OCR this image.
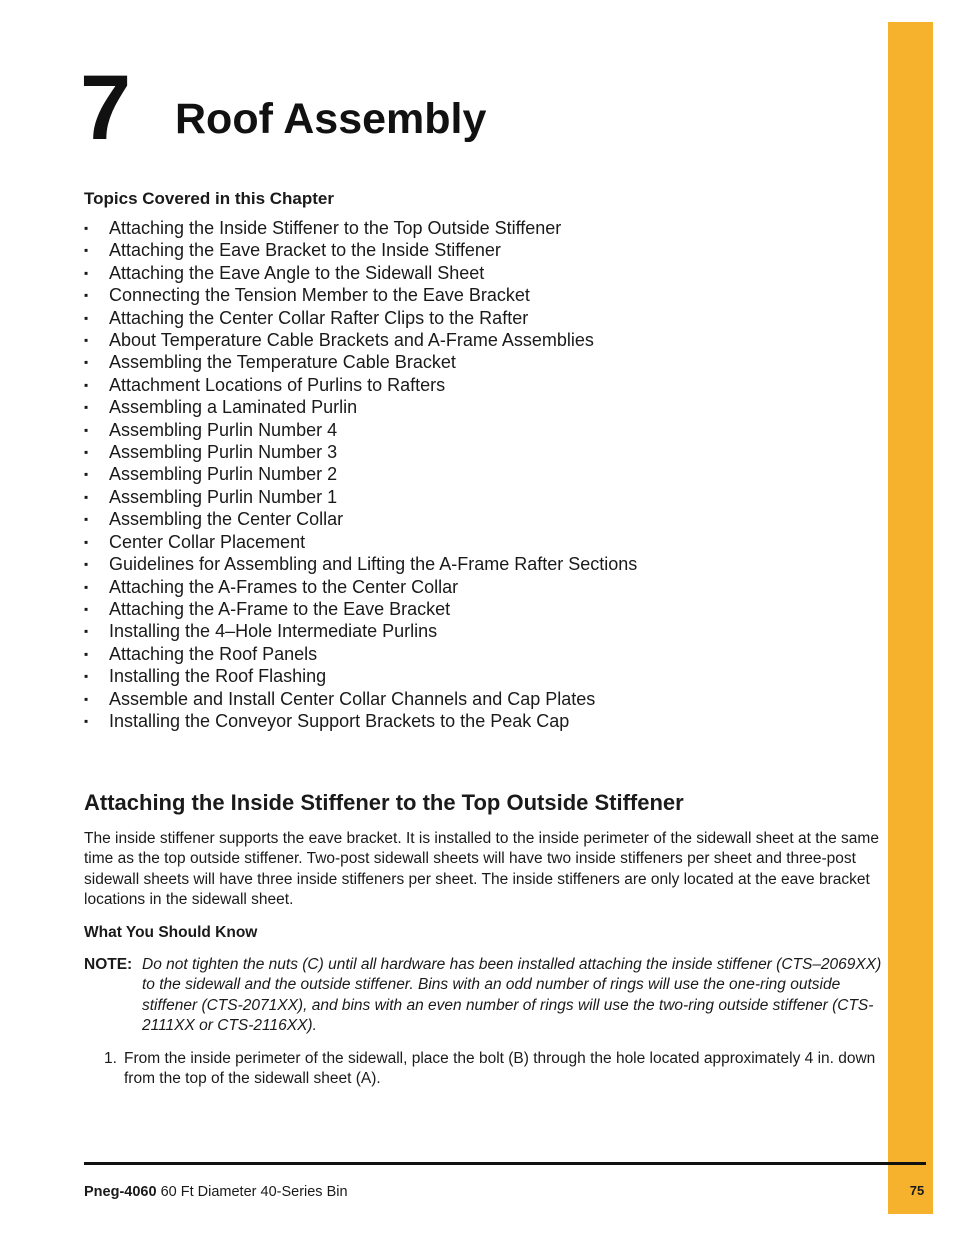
7 Roof Assembly
Topics Covered in this Chapter
▪ Attaching the Inside Stiffener to the Top Outside Stiffener
▪ Attaching the Eave Bracket to the Inside Stiffener
▪ Attaching the Eave Angle to the Sidewall Sheet
▪ Connecting the Tension Member to the Eave Bracket
▪ Attaching the Center Collar Rafter Clips to the Rafter
▪ About Temperature Cable Brackets and A-Frame Assemblies
▪ Assembling the Temperature Cable Bracket
▪ Attachment Locations of Purlins to Rafters
▪ Assembling a Laminated Purlin
▪ Assembling Purlin Number 4
▪ Assembling Purlin Number 3
▪ Assembling Purlin Number 2
▪ Assembling Purlin Number 1
▪ Assembling the Center Collar
▪ Center Collar Placement
▪ Guidelines for Assembling and Lifting the A-Frame Rafter Sections
▪ Attaching the A-Frames to the Center Collar
▪ Attaching the A-Frame to the Eave Bracket
▪ Installing the 4–Hole Intermediate Purlins
▪ Attaching the Roof Panels
▪ Installing the Roof Flashing
▪ Assemble and Install Center Collar Channels and Cap Plates
▪ Installing the Conveyor Support Brackets to the Peak Cap
Attaching the Inside Stiffener to the Top Outside Stiffener

The inside stiffener supports the eave bracket. It is installed to the inside perimeter of the sidewall sheet at the same time as the top outside stiffener. Two-post sidewall sheets will have two inside stiffeners per sheet and three-post sidewall sheets will have three inside stiffeners per sheet. The inside stiffeners are only located at the eave bracket locations in the sidewall sheet.

What You Should Know
NOTE: Do not tighten the nuts (C) until all hardware has been installed attaching the inside stiffener (CTS–2069XX) to the sidewall and the outside stiffener. Bins with an odd number of rings will use the one-ring outside stiffener (CTS-2071XX), and bins with an even number of rings will use the two-ring outside stiffener (CTS-2111XX or CTS-2116XX).
1. From the inside perimeter of the sidewall, place the bolt (B) through the hole located approximately 4 in. down from the top of the sidewall sheet (A).
Pneg-4060 60 Ft Diameter 40-Series Bin	75
